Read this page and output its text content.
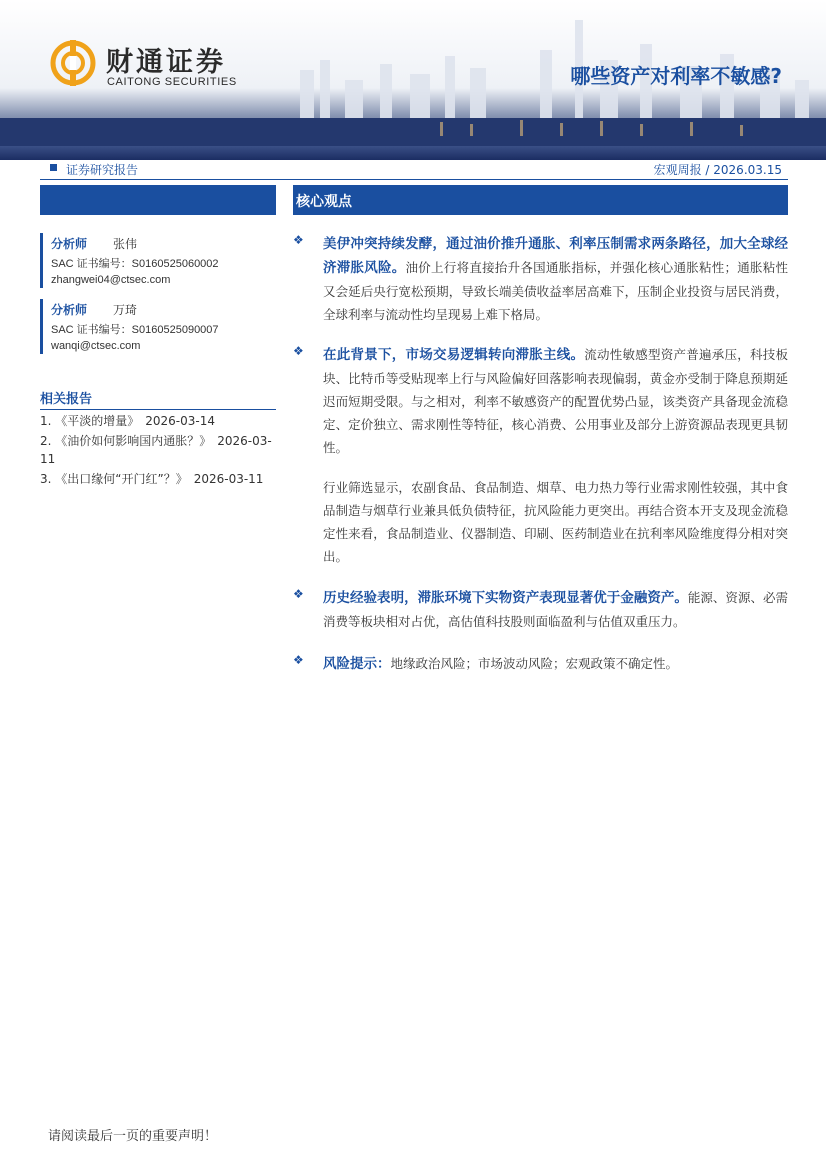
财通证券
CAITONG SECURITIES	哪些资产对利率不敏感?
证券研究报告	宏观周报 / 2026.03.15
分析师 张伟
SAC 证书编号：S0160525060002
zhangwei04@ctsec.com
分析师 万琦
SAC 证书编号：S0160525090007
wanqi@ctsec.com
相关报告
1. 《平淡的增量》　2026-03-14
2. 《油价如何影响国内通胀？》　2026-03-11
3. 《出口缘何“开门红”？》　2026-03-11
核心观点
❖ 美伊冲突持续发酵，通过油价推升通胀、利率压制需求两条路径，加大全球经济滞胀风险。油价上行将直接抬升各国通胀指标，并强化核心通胀粘性；通胀粘性又会延后央行宽松预期，导致长端美债收益率居高难下，压制企业投资与居民消费，全球利率与流动性均呈现易上难下格局。
❖ 在此背景下，市场交易逻辑转向滞胀主线。流动性敏感型资产普遍承压，科技板块、比特币等受贴现率上行与风险偏好回落影响表现偏弱，黄金亦受制于降息预期延迟而短期受限。与之相对，利率不敏感资产的配置优势凸显，该类资产具备现金流稳定、定价独立、需求刚性等特征，核心消费、公用事业及部分上游资源品表现更具韧性。
行业筛选显示，农副食品、食品制造、烟草、电力热力等行业需求刚性较强，其中食品制造与烟草行业兼具低负债特征，抗风险能力更突出。再结合资本开支及现金流稳定性来看，食品制造业、仪器制造、印刷、医药制造业在抗利率风险维度得分相对突出。
❖ 历史经验表明，滞胀环境下实物资产表现显著优于金融资产。能源、资源、必需消费等板块相对占优，高估值科技股则面临盈利与估值双重压力。
❖ 风险提示：地缘政治风险；市场波动风险；宏观政策不确定性。
请阅读最后一页的重要声明！
